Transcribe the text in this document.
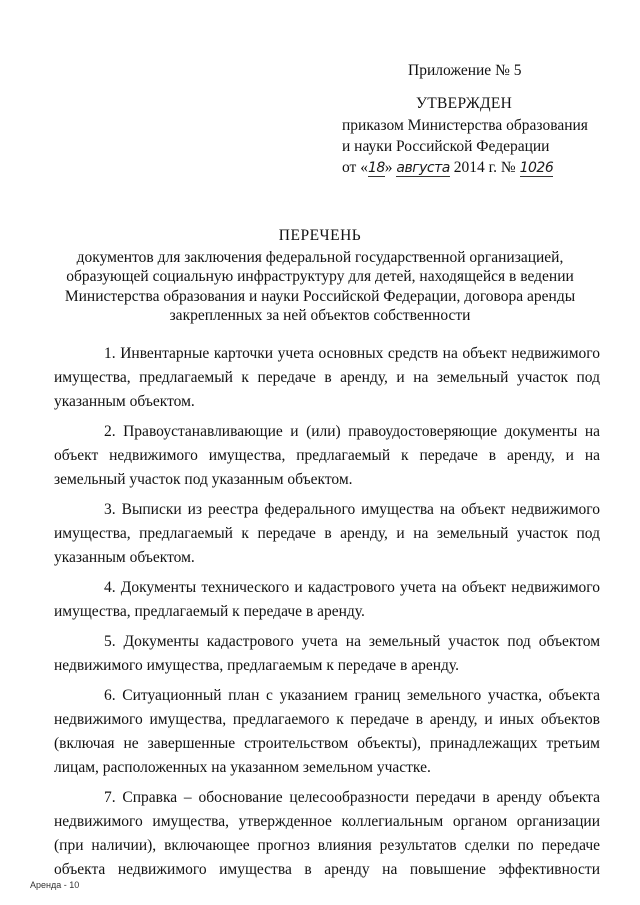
Приложение № 5
УТВЕРЖДЕН
приказом Министерства образования
и науки Российской Федерации
от «18» августа 2014 г. № 1026
ПЕРЕЧЕНЬ
документов для заключения федеральной государственной организацией,
образующей социальную инфраструктуру для детей, находящейся в ведении
Министерства образования и науки Российской Федерации, договора аренды
закрепленных за ней объектов собственности

1. Инвентарные карточки учета основных средств на объект недвижимого имущества, предлагаемый к передаче в аренду, и на земельный участок под указанным объектом.

2. Правоустанавливающие и (или) правоудостоверяющие документы на объект недвижимого имущества, предлагаемый к передаче в аренду, и на земельный участок под указанным объектом.

3. Выписки из реестра федерального имущества на объект недвижимого имущества, предлагаемый к передаче в аренду, и на земельный участок под указанным объектом.

4. Документы технического и кадастрового учета на объект недвижимого имущества, предлагаемый к передаче в аренду.

5. Документы кадастрового учета на земельный участок под объектом недвижимого имущества, предлагаемым к передаче в аренду.

6. Ситуационный план с указанием границ земельного участка, объекта недвижимого имущества, предлагаемого к передаче в аренду, и иных объектов (включая не завершенные строительством объекты), принадлежащих третьим лицам, расположенных на указанном земельном участке.

7. Справка – обоснование целесообразности передачи в аренду объекта недвижимого имущества, утвержденное коллегиальным органом организации (при наличии), включающее прогноз влияния результатов сделки по передаче объекта недвижимого имущества в аренду на повышение эффективности

Аренда - 10
